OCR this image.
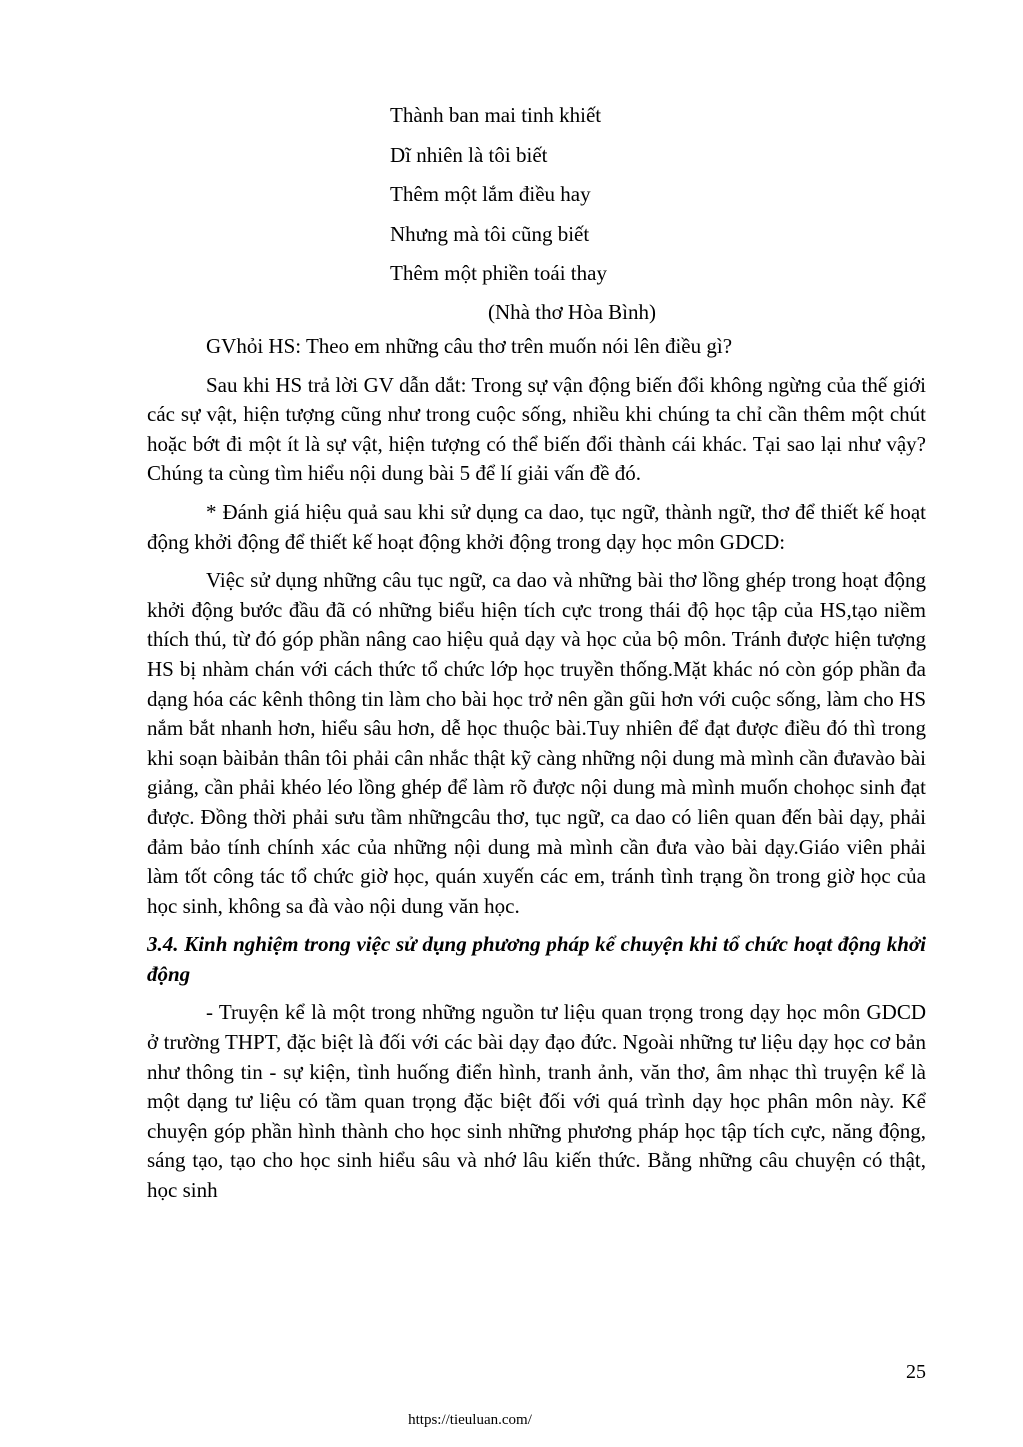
Thành ban mai tinh khiết
Dĩ nhiên là tôi biết
Thêm một lắm điều hay
Nhưng mà tôi cũng biết
Thêm một phiền toái thay
(Nhà thơ Hòa Bình)

GVhỏi HS: Theo em những câu thơ trên muốn nói lên điều gì?

Sau khi HS trả lời GV dẫn dắt: Trong sự vận động biến đổi không ngừng của thế giới các sự vật, hiện tượng cũng như trong cuộc sống, nhiều khi chúng ta chỉ cần thêm một chút hoặc bớt đi một ít là sự vật, hiện tượng có thể biến đổi thành cái khác. Tại sao lại như vậy? Chúng ta cùng tìm hiểu nội dung bài 5 để lí giải vấn đề đó.

* Đánh giá hiệu quả sau khi sử dụng ca dao, tục ngữ, thành ngữ, thơ để thiết kế hoạt động khởi động để thiết kế hoạt động khởi động trong dạy học môn GDCD:

Việc sử dụng những câu tục ngữ, ca dao và những bài thơ lồng ghép trong hoạt động khởi động bước đầu đã có những biểu hiện tích cực trong thái độ học tập của HS,tạo niềm thích thú, từ đó góp phần nâng cao hiệu quả dạy và học của bộ môn. Tránh được hiện tượng HS bị nhàm chán với cách thức tổ chức lớp học truyền thống.Mặt khác nó còn góp phần đa dạng hóa các kênh thông tin làm cho bài học trở nên gần gũi hơn với cuộc sống, làm cho HS nắm bắt nhanh hơn, hiểu sâu hơn, dễ học thuộc bài.Tuy nhiên để đạt được điều đó thì trong khi soạn bàibản thân tôi phải cân nhắc thật kỹ càng những nội dung mà mình cần đưavào bài giảng, cần phải khéo léo lồng ghép để làm rõ được nội dung mà mình muốn chohọc sinh đạt được. Đồng thời phải sưu tầm nhữngcâu thơ, tục ngữ, ca dao có liên quan đến bài dạy, phải đảm bảo tính chính xác của những nội dung mà mình cần đưa vào bài dạy.Giáo viên phải làm tốt công tác tổ chức giờ học, quán xuyến các em, tránh tình trạng ồn trong giờ học của học sinh, không sa đà vào nội dung văn học.

3.4. Kinh nghiệm trong việc sử dụng phương pháp kể chuyện khi tổ chức hoạt động khởi động

- Truyện kể là một trong những nguồn tư liệu quan trọng trong dạy học môn GDCD ở trường THPT, đặc biệt là đối với các bài dạy đạo đức. Ngoài những tư liệu dạy học cơ bản như thông tin - sự kiện, tình huống điển hình, tranh ảnh, văn thơ, âm nhạc thì truyện kể là một dạng tư liệu có tầm quan trọng đặc biệt đối với quá trình dạy học phân môn này. Kể chuyện góp phần hình thành cho học sinh những phương pháp học tập tích cực, năng động, sáng tạo, tạo cho học sinh hiểu sâu và nhớ lâu kiến thức. Bằng những câu chuyện có thật, học sinh

25
https://tieuluan.com/
